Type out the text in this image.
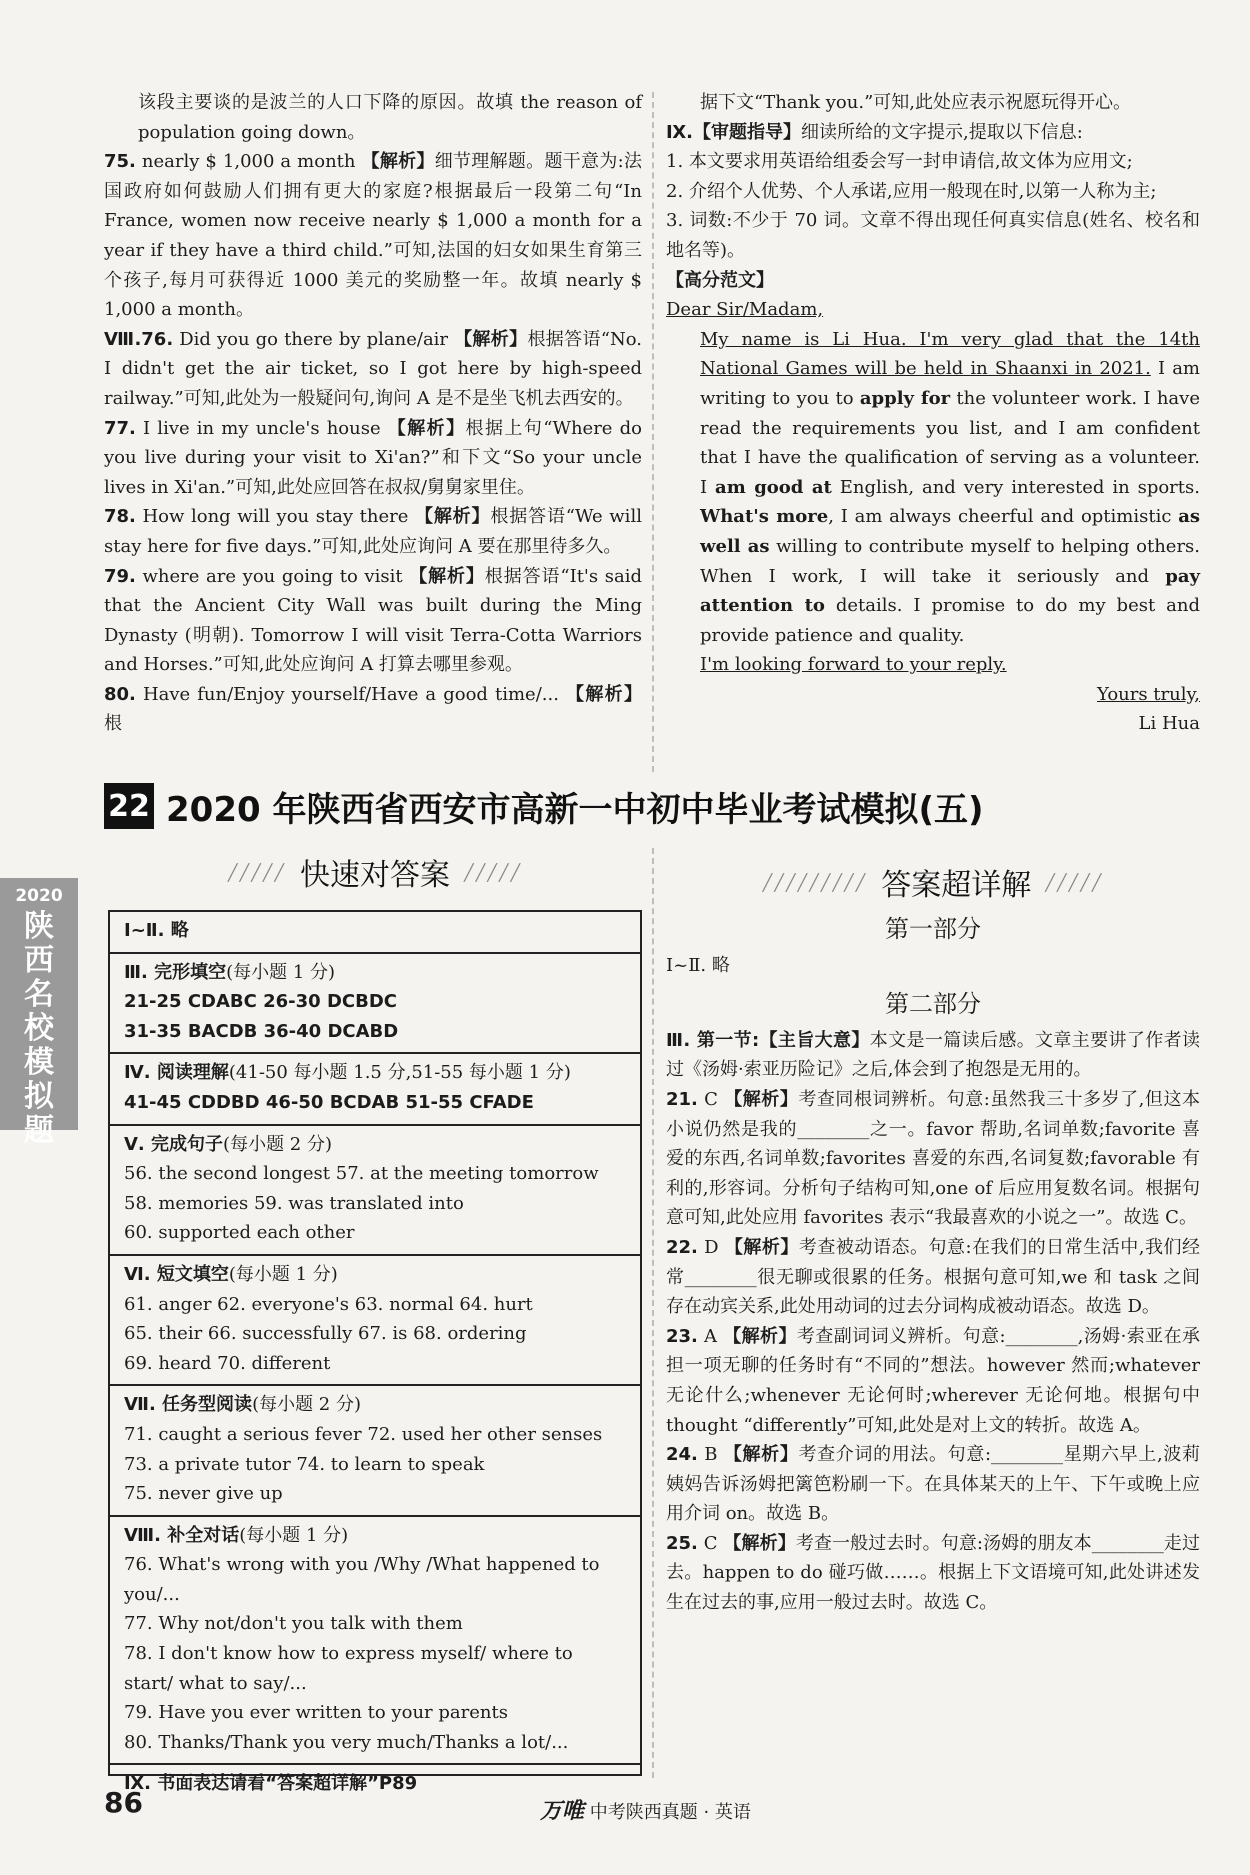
该段主要谈的是波兰的人口下降的原因。故填 the reason of population going down。

75. nearly $ 1,000 a month 【解析】细节理解题。题干意为:法国政府如何鼓励人们拥有更大的家庭?根据最后一段第二句“In France, women now receive nearly $ 1,000 a month for a year if they have a third child.”可知,法国的妇女如果生育第三个孩子,每月可获得近 1000 美元的奖励整一年。故填 nearly $ 1,000 a month。

Ⅷ.76. Did you go there by plane/air 【解析】根据答语“No. I didn't get the air ticket, so I got here by high-speed railway.”可知,此处为一般疑问句,询问 A 是不是坐飞机去西安的。

77. I live in my uncle's house 【解析】根据上句“Where do you live during your visit to Xi'an?”和下文“So your uncle lives in Xi'an.”可知,此处应回答在叔叔/舅舅家里住。

78. How long will you stay there 【解析】根据答语“We will stay here for five days.”可知,此处应询问 A 要在那里待多久。

79. where are you going to visit 【解析】根据答语“It's said that the Ancient City Wall was built during the Ming Dynasty (明朝). Tomorrow I will visit Terra-Cotta Warriors and Horses.”可知,此处应询问 A 打算去哪里参观。

80. Have fun/Enjoy yourself/Have a good time/... 【解析】根

据下文“Thank you.”可知,此处应表示祝愿玩得开心。

Ⅸ.【审题指导】细读所给的文字提示,提取以下信息:

1. 本文要求用英语给组委会写一封申请信,故文体为应用文;

2. 介绍个人优势、个人承诺,应用一般现在时,以第一人称为主;

3. 词数:不少于 70 词。文章不得出现任何真实信息(姓名、校名和地名等)。

【高分范文】

Dear Sir/Madam,

My name is Li Hua. I'm very glad that the 14th National Games will be held in Shaanxi in 2021. I am writing to you to apply for the volunteer work. I have read the requirements you list, and I am confident that I have the qualification of serving as a volunteer. I am good at English, and very interested in sports. What's more, I am always cheerful and optimistic as well as willing to contribute myself to helping others. When I work, I will take it seriously and pay attention to details. I promise to do my best and provide patience and quality.

I'm looking forward to your reply.

Yours truly,

Li Hua

22 2020 年陕西省西安市高新一中初中毕业考试模拟(五)
2020
陕
西
名
校
模
拟
题
╱╱╱╱╱ 快速对答案 ╱╱╱╱╱
╱╱╱╱╱╱╱╱╱ 答案超详解 ╱╱╱╱╱
Ⅰ~Ⅱ. 略
Ⅲ. 完形填空(每小题 1 分)
21-25 CDABC 26-30 DCBDC
31-35 BACDB 36-40 DCABD
Ⅳ. 阅读理解(41-50 每小题 1.5 分,51-55 每小题 1 分)
41-45 CDDBD 46-50 BCDAB 51-55 CFADE
Ⅴ. 完成句子(每小题 2 分)
56. the second longest 57. at the meeting tomorrow
58. memories 59. was translated into
60. supported each other
Ⅵ. 短文填空(每小题 1 分)
61. anger 62. everyone's 63. normal 64. hurt
65. their 66. successfully 67. is 68. ordering
69. heard 70. different
Ⅶ. 任务型阅读(每小题 2 分)
71. caught a serious fever 72. used her other senses
73. a private tutor 74. to learn to speak
75. never give up
Ⅷ. 补全对话(每小题 1 分)
76. What's wrong with you /Why /What happened to you/...
77. Why not/don't you talk with them
78. I don't know how to express myself/ where to start/ what to say/...
79. Have you ever written to your parents
80. Thanks/Thank you very much/Thanks a lot/...
Ⅸ. 书面表达请看“答案超详解”P89
第一部分

Ⅰ~Ⅱ. 略

第二部分

Ⅲ. 第一节:【主旨大意】本文是一篇读后感。文章主要讲了作者读过《汤姆·索亚历险记》之后,体会到了抱怨是无用的。

21. C 【解析】考查同根词辨析。句意:虽然我三十多岁了,但这本小说仍然是我的________之一。favor 帮助,名词单数;favorite 喜爱的东西,名词单数;favorites 喜爱的东西,名词复数;favorable 有利的,形容词。分析句子结构可知,one of 后应用复数名词。根据句意可知,此处应用 favorites 表示“我最喜欢的小说之一”。故选 C。

22. D 【解析】考查被动语态。句意:在我们的日常生活中,我们经常________很无聊或很累的任务。根据句意可知,we 和 task 之间存在动宾关系,此处用动词的过去分词构成被动语态。故选 D。

23. A 【解析】考查副词词义辨析。句意:________,汤姆·索亚在承担一项无聊的任务时有“不同的”想法。however 然而;whatever 无论什么;whenever 无论何时;wherever 无论何地。根据句中 thought “differently”可知,此处是对上文的转折。故选 A。

24. B 【解析】考查介词的用法。句意:________星期六早上,波莉姨妈告诉汤姆把篱笆粉刷一下。在具体某天的上午、下午或晚上应用介词 on。故选 B。

25. C 【解析】考查一般过去时。句意:汤姆的朋友本________走过去。happen to do 碰巧做……。根据上下文语境可知,此处讲述发生在过去的事,应用一般过去时。故选 C。

86	万唯 中考陕西真题 · 英语
